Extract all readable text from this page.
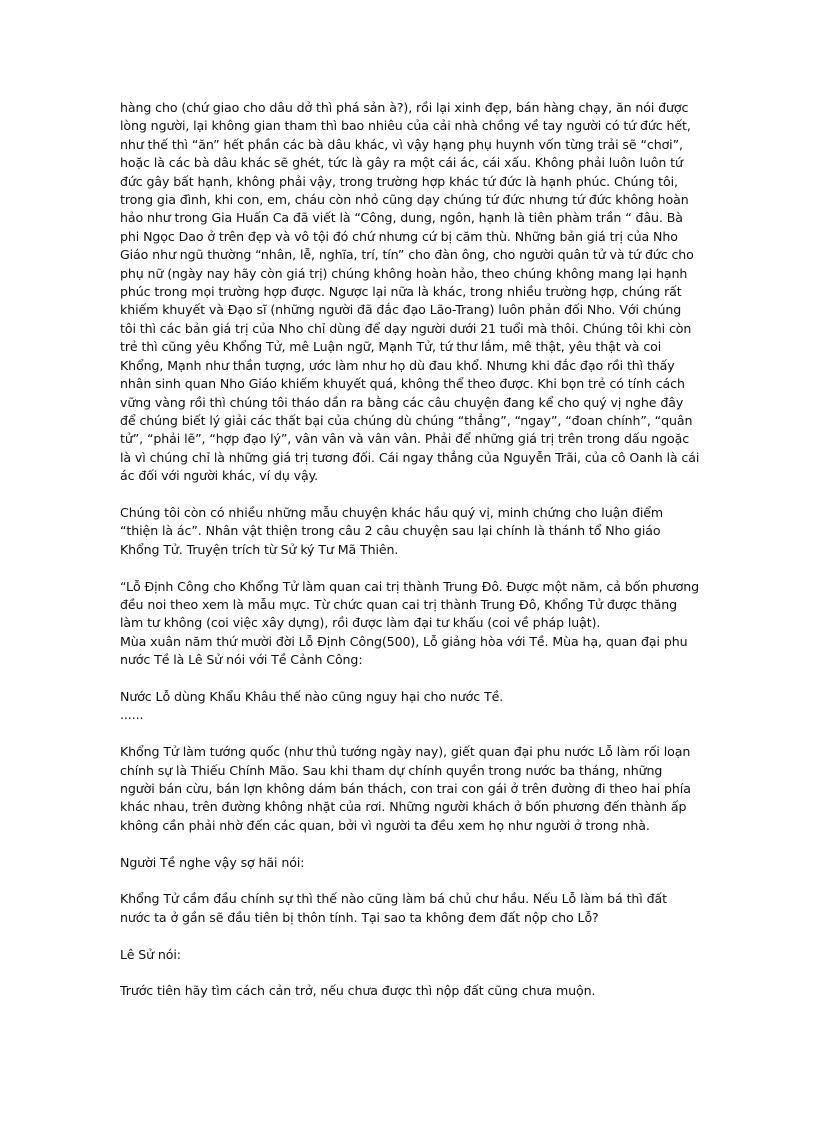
hàng cho (chứ giao cho dâu dở thì phá sản à?), rồi lại xinh đẹp, bán hàng chạy, ăn nói được lòng người, lại không gian tham thì bao nhiêu của cải nhà chồng về tay người có tứ đức hết, như thế thì “ăn” hết phần các bà dâu khác, vì vậy hạng phụ huynh vốn từng trải sẽ “chơi”, hoặc là các bà dâu khác sẽ ghét, tức là gây ra một cái ác, cái xấu. Không phải luôn luôn tứ đức gây bất hạnh, không phải vậy, trong trường hợp khác tứ đức là hạnh phúc. Chúng tôi, trong gia đình, khi con, em, cháu còn nhỏ cũng dạy chúng tứ đức nhưng tứ đức không hoàn hảo như trong Gia Huấn Ca đã viết là “Công, dung, ngôn, hạnh là tiên phàm trần “ đâu. Bà phi Ngọc Dao ở trên đẹp và vô tội đó chứ nhưng cứ bị căm thù. Những bản giá trị của Nho Giáo như ngũ thường “nhân, lễ, nghĩa, trí, tín” cho đàn ông, cho người quân tử và tứ đức cho phụ nữ (ngày nay hãy còn giá trị) chúng không hoàn hảo, theo chúng không mang lại hạnh phúc trong mọi trường hợp được. Ngược lại nữa là khác, trong nhiều trường hợp, chúng rất khiếm khuyết và Đạo sĩ (những người đã đắc đạo Lão-Trang) luôn phản đối Nho. Với chúng tôi thì các bản giá trị của Nho chỉ dùng để dạy người dưới 21 tuổi mà thôi. Chúng tôi khi còn trẻ thì cũng yêu Khổng Tử, mê Luận ngữ, Mạnh Tử, tứ thư lắm, mê thật, yêu thật và coi Khổng, Mạnh như thần tượng, ước làm như họ dù đau khổ. Nhưng khi đắc đạo rồi thì thấy nhân sinh quan Nho Giáo khiếm khuyết quá, không thể theo được. Khi bọn trẻ có tính cách vững vàng rồi thì chúng tôi tháo dần ra bằng các câu chuyện đang kể cho quý vị nghe đây để chúng biết lý giải các thất bại của chúng dù chúng “thẳng”, “ngay”, “đoan chính”, “quân tử”, “phải lẽ”, “hợp đạo lý”, vân vân và vân vân. Phải để những giá trị trên trong dấu ngoặc là vì chúng chỉ là những giá trị tương đối. Cái ngay thẳng của Nguyễn Trãi, của cô Oanh là cái ác đối với người khác, ví dụ vậy.

Chúng tôi còn có nhiều những mẫu chuyện khác hầu quý vị, minh chứng cho luận điểm “thiện là ác”. Nhân vật thiện trong câu 2 câu chuyện sau lại chính là thánh tổ Nho giáo Khổng Tử. Truyện trích từ Sử ký Tư Mã Thiên.

“Lỗ Định Công cho Khổng Tử làm quan cai trị thành Trung Đô. Được một năm, cả bốn phương đều noi theo xem là mẫu mực. Từ chức quan cai trị thành Trung Đô, Khổng Tử được thăng làm tư không (coi việc xây dựng), rồi được làm đại tư khấu (coi về pháp luật).

Mùa xuân năm thứ mười đời Lỗ Định Công(500), Lỗ giảng hòa với Tề. Mùa hạ, quan đại phu nước Tề là Lê Sử nói với Tề Cảnh Công:

Nước Lỗ dùng Khẩu Khâu thế nào cũng nguy hại cho nước Tề.

......

Khổng Tử làm tướng quốc (như thủ tướng ngày nay), giết quan đại phu nước Lỗ làm rối loạn chính sự là Thiếu Chính Mão. Sau khi tham dự chính quyền trong nước ba tháng, những người bán cừu, bán lợn không dám bán thách, con trai con gái ở trên đường đi theo hai phía khác nhau, trên đường không nhặt của rơi. Những người khách ở bốn phương đến thành ấp không cần phải nhờ đến các quan, bởi vì người ta đều xem họ như người ở trong nhà.

Người Tề nghe vậy sợ hãi nói:

Khổng Tử cầm đầu chính sự thì thế nào cũng làm bá chủ chư hầu. Nếu Lỗ làm bá thì đất nước ta ở gần sẽ đầu tiên bị thôn tính. Tại sao ta không đem đất nộp cho Lỗ?

Lê Sử nói:

Trước tiên hãy tìm cách cản trở, nếu chưa được thì nộp đất cũng chưa muộn.
